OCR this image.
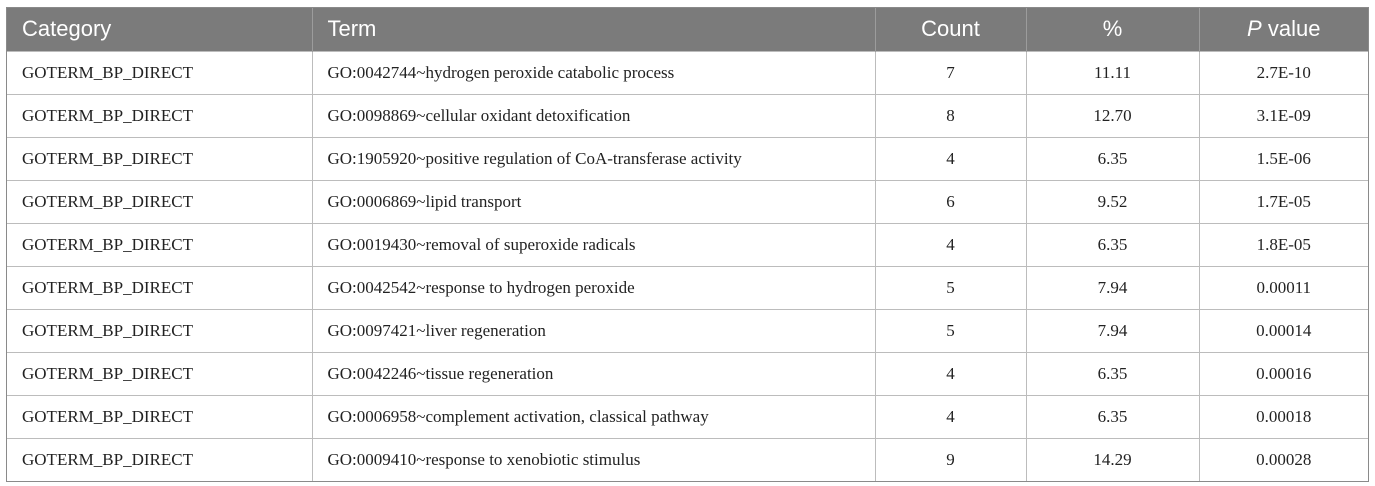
Category	Term	Count	%	P value
GOTERM_BP_DIRECT	GO:0042744~hydrogen peroxide catabolic process	7	11.11	2.7E-10
GOTERM_BP_DIRECT	GO:0098869~cellular oxidant detoxification	8	12.70	3.1E-09
GOTERM_BP_DIRECT	GO:1905920~positive regulation of CoA-transferase activity	4	6.35	1.5E-06
GOTERM_BP_DIRECT	GO:0006869~lipid transport	6	9.52	1.7E-05
GOTERM_BP_DIRECT	GO:0019430~removal of superoxide radicals	4	6.35	1.8E-05
GOTERM_BP_DIRECT	GO:0042542~response to hydrogen peroxide	5	7.94	0.00011
GOTERM_BP_DIRECT	GO:0097421~liver regeneration	5	7.94	0.00014
GOTERM_BP_DIRECT	GO:0042246~tissue regeneration	4	6.35	0.00016
GOTERM_BP_DIRECT	GO:0006958~complement activation, classical pathway	4	6.35	0.00018
GOTERM_BP_DIRECT	GO:0009410~response to xenobiotic stimulus	9	14.29	0.00028
